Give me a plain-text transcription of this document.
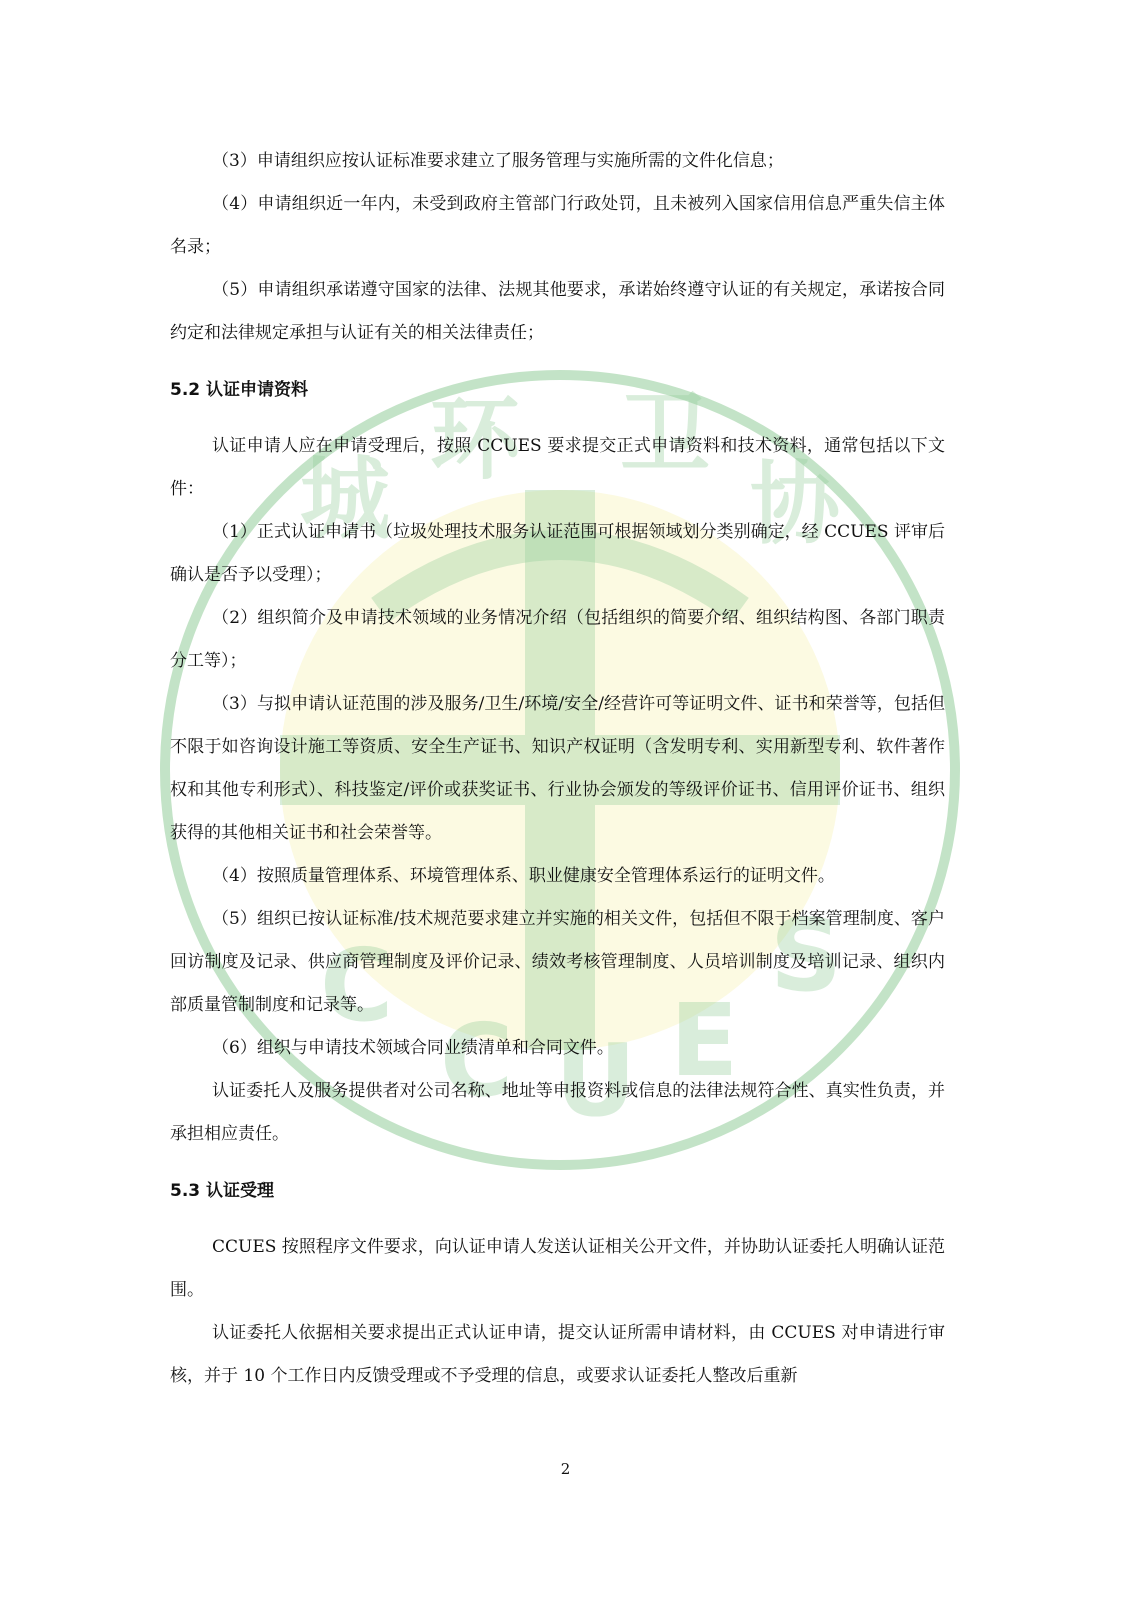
城
环 卫
协
C
C U E
S

（3）申请组织应按认证标准要求建立了服务管理与实施所需的文件化信息；

（4）申请组织近一年内，未受到政府主管部门行政处罚，且未被列入国家信用信息严重失信主体名录；

（5）申请组织承诺遵守国家的法律、法规其他要求，承诺始终遵守认证的有关规定，承诺按合同约定和法律规定承担与认证有关的相关法律责任；

5.2 认证申请资料

认证申请人应在申请受理后，按照 CCUES 要求提交正式申请资料和技术资料，通常包括以下文件：

（1）正式认证申请书（垃圾处理技术服务认证范围可根据领域划分类别确定，经 CCUES 评审后确认是否予以受理）；

（2）组织简介及申请技术领域的业务情况介绍（包括组织的简要介绍、组织结构图、各部门职责分工等）；

（3）与拟申请认证范围的涉及服务/卫生/环境/安全/经营许可等证明文件、证书和荣誉等，包括但不限于如咨询设计施工等资质、安全生产证书、知识产权证明（含发明专利、实用新型专利、软件著作权和其他专利形式）、科技鉴定/评价或获奖证书、行业协会颁发的等级评价证书、信用评价证书、组织获得的其他相关证书和社会荣誉等。

（4）按照质量管理体系、环境管理体系、职业健康安全管理体系运行的证明文件。

（5）组织已按认证标准/技术规范要求建立并实施的相关文件，包括但不限于档案管理制度、客户回访制度及记录、供应商管理制度及评价记录、绩效考核管理制度、人员培训制度及培训记录、组织内部质量管制制度和记录等。

（6）组织与申请技术领域合同业绩清单和合同文件。

认证委托人及服务提供者对公司名称、地址等申报资料或信息的法律法规符合性、真实性负责，并承担相应责任。

5.3 认证受理

CCUES 按照程序文件要求，向认证申请人发送认证相关公开文件，并协助认证委托人明确认证范围。

认证委托人依据相关要求提出正式认证申请，提交认证所需申请材料，由 CCUES 对申请进行审核，并于 10 个工作日内反馈受理或不予受理的信息，或要求认证委托人整改后重新

2
